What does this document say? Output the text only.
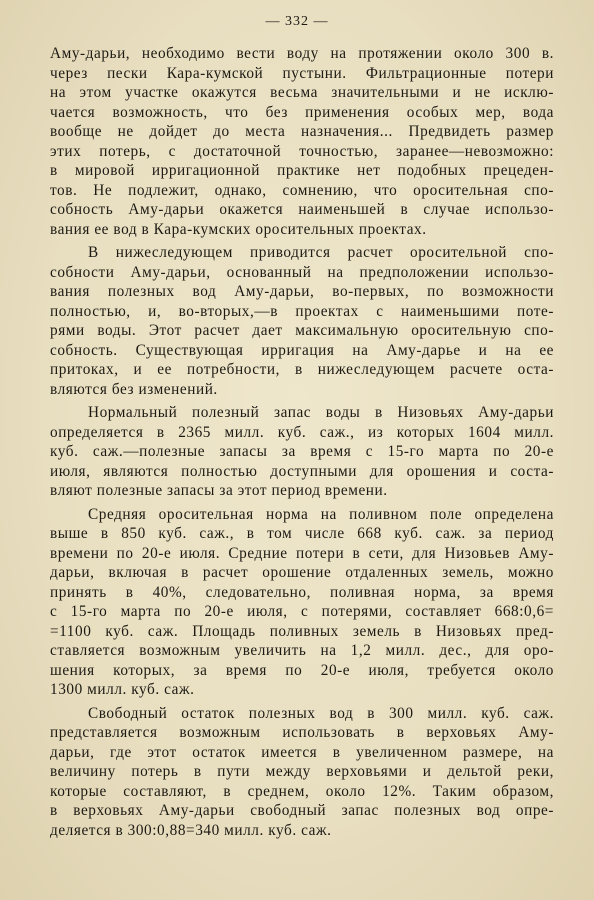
— 332 —
Аму-дарьи, необходимо вести воду на протяжении около 300 в.
через пески Кара-кумской пустыни. Фильтрационные потери
на этом участке окажутся весьма значительными и не исклю-
чается возможность, что без применения особых мер, вода
вообще не дойдет до места назначения... Предвидеть размер
этих потерь, с достаточной точностью, заранее—невозможно:
в мировой ирригационной практике нет подобных прецеден-
тов. Не подлежит, однако, сомнению, что оросительная спо-
собность Аму-дарьи окажется наименьшей в случае использо-
вания ее вод в Кара-кумских оросительных проектах.
В нижеследующем приводится расчет оросительной спо-
собности Аму-дарьи, основанный на предположении использо-
вания полезных вод Аму-дарьи, во-первых, по возможности
полностью, и, во-вторых,—в проектах с наименьшими поте-
рями воды. Этот расчет дает максимальную оросительную спо-
собность. Существующая ирригация на Аму-дарье и на ее
притоках, и ее потребности, в нижеследующем расчете оста-
вляются без изменений.
Нормальный полезный запас воды в Низовьях Аму-дарьи
определяется в 2365 милл. куб. саж., из которых 1604 милл.
куб. саж.—полезные запасы за время с 15-го марта по 20-е
июля, являются полностью доступными для орошения и соста-
вляют полезные запасы за этот период времени.
Средняя оросительная норма на поливном поле определена
выше в 850 куб. саж., в том числе 668 куб. саж. за период
времени по 20-е июля. Средние потери в сети, для Низовьев Аму-
дарьи, включая в расчет орошение отдаленных земель, можно
принять в 40%, следовательно, поливная норма, за время
с 15-го марта по 20-е июля, с потерями, составляет 668:0,6=
=1100 куб. саж. Площадь поливных земель в Низовьях пред-
ставляется возможным увеличить на 1,2 милл. дес., для оро-
шения которых, за время по 20-е июля, требуется около
1300 милл. куб. саж.
Свободный остаток полезных вод в 300 милл. куб. саж.
представляется возможным использовать в верховьях Аму-
дарьи, где этот остаток имеется в увеличенном размере, на
величину потерь в пути между верховьями и дельтой реки,
которые составляют, в среднем, около 12%. Таким образом,
в верховьях Аму-дарьи свободный запас полезных вод опре-
деляется в 300:0,88=340 милл. куб. саж.
